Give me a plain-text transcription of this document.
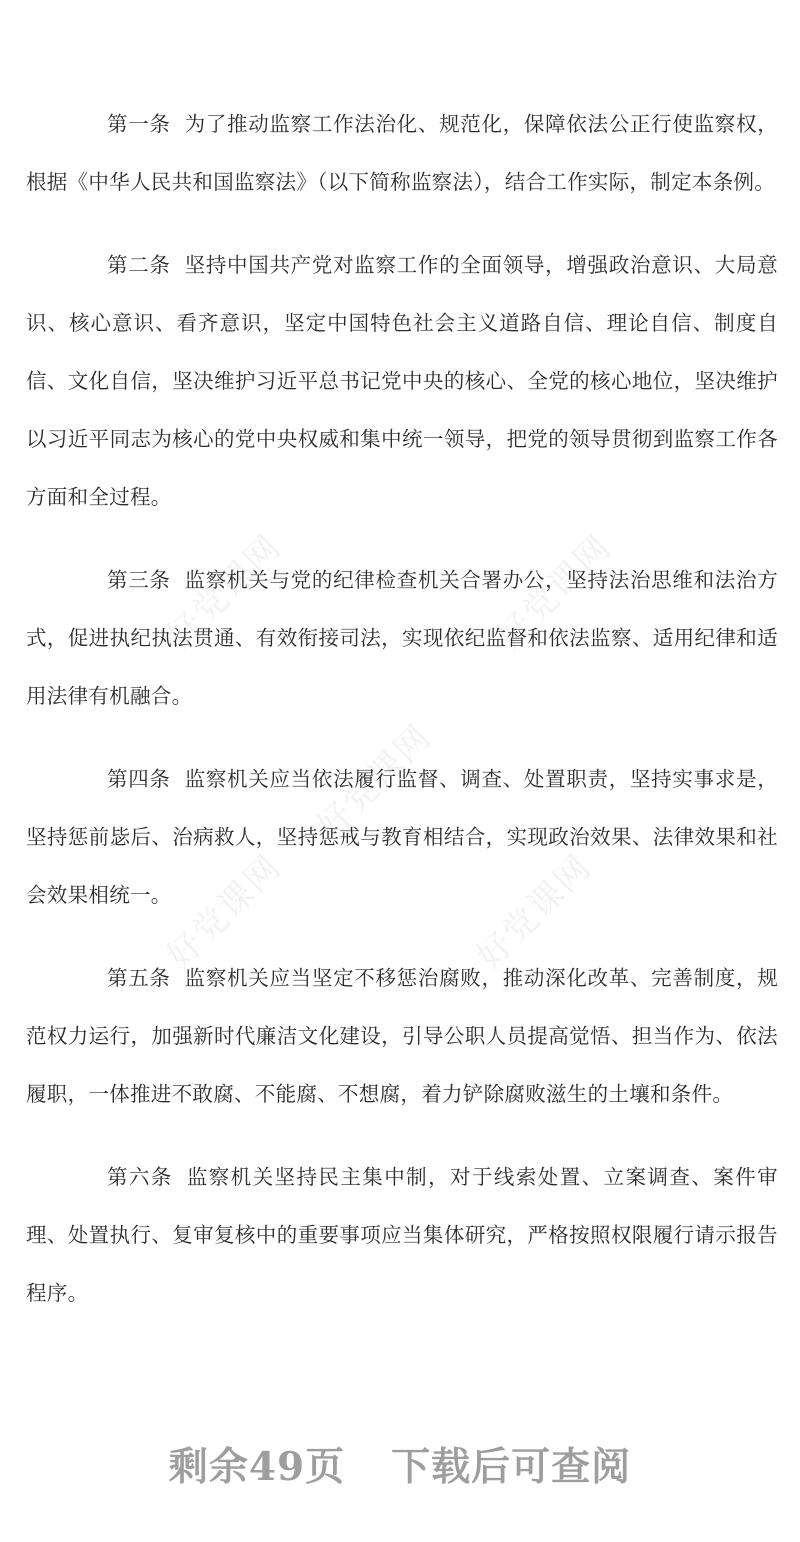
好党课网	好党课网
好党课网
好党课网	好党课网

第一条 为了推动监察工作法治化、规范化，保障依法公正行使监察权，根据《中华人民共和国监察法》（以下简称监察法），结合工作实际，制定本条例。

第二条 坚持中国共产党对监察工作的全面领导，增强政治意识、大局意识、核心意识、看齐意识，坚定中国特色社会主义道路自信、理论自信、制度自信、文化自信，坚决维护习近平总书记党中央的核心、全党的核心地位，坚决维护以习近平同志为核心的党中央权威和集中统一领导，把党的领导贯彻到监察工作各方面和全过程。

第三条 监察机关与党的纪律检查机关合署办公，坚持法治思维和法治方式，促进执纪执法贯通、有效衔接司法，实现依纪监督和依法监察、适用纪律和适用法律有机融合。

第四条 监察机关应当依法履行监督、调查、处置职责，坚持实事求是，坚持惩前毖后、治病救人，坚持惩戒与教育相结合，实现政治效果、法律效果和社会效果相统一。

第五条 监察机关应当坚定不移惩治腐败，推动深化改革、完善制度，规范权力运行，加强新时代廉洁文化建设，引导公职人员提高觉悟、担当作为、依法履职，一体推进不敢腐、不能腐、不想腐，着力铲除腐败滋生的土壤和条件。

第六条 监察机关坚持民主集中制，对于线索处置、立案调查、案件审理、处置执行、复审复核中的重要事项应当集体研究，严格按照权限履行请示报告程序。

剩余49页 下载后可查阅
